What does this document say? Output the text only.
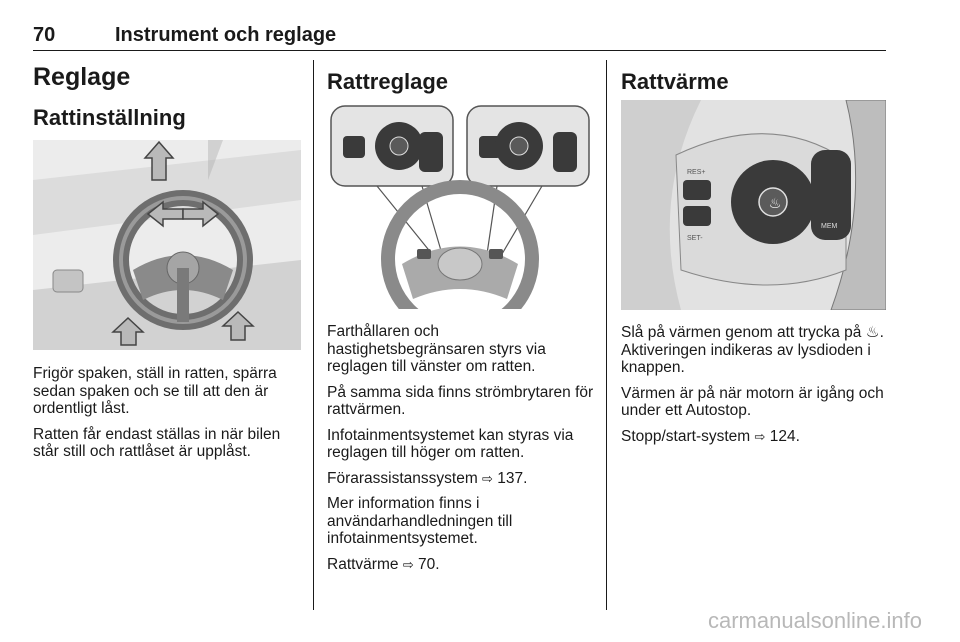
70	Instrument och reglage
Reglage
Rattinställning

Frigör spaken, ställ in ratten, spärra sedan spaken och se till att den är ordentligt låst.

Ratten får endast ställas in när bilen står still och rattlåset är upplåst.

Rattreglage

Farthållaren och hastighetsbegränsaren styrs via reglagen till vänster om ratten.

På samma sida finns strömbrytaren för rattvärmen.

Infotainmentsystemet kan styras via reglagen till höger om ratten.

Förarassistanssystem ⇨ 137.

Mer information finns i användarhandledningen till infotainmentsystemet.

Rattvärme ⇨ 70.

Rattvärme
♨
RES+
SET-
MEM

Slå på värmen genom att trycka på ♨. Aktiveringen indikeras av lysdioden i knappen.

Värmen är på när motorn är igång och under ett Autostop.

Stopp/start-system ⇨ 124.

carmanualsonline.info
